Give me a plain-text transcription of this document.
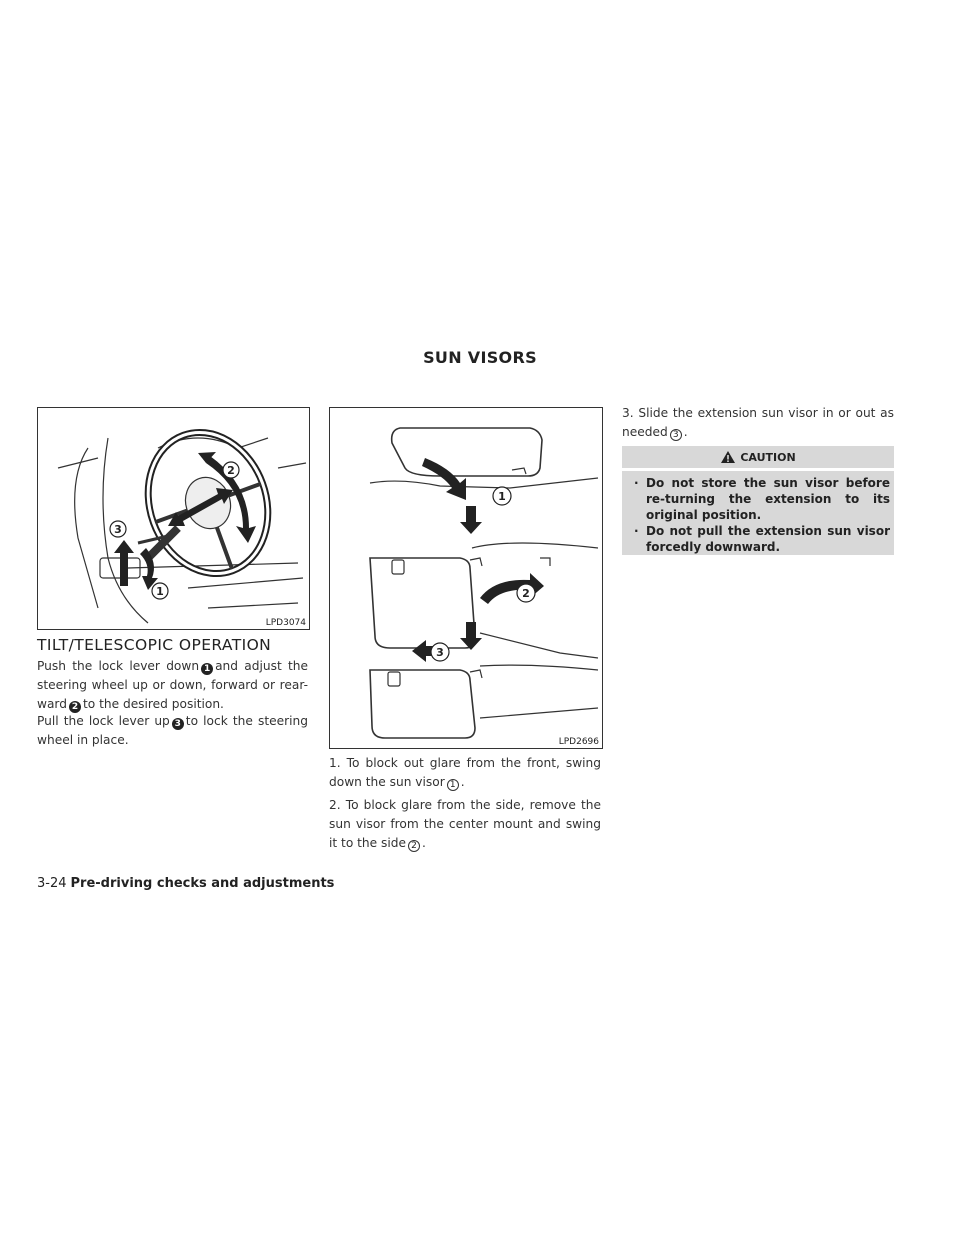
SUN VISORS
2
3
1
LPD3074
TILT/TELESCOPIC OPERATION
Push the lock lever down 1 and adjust the steering wheel up or down, forward or rear-ward 2 to the desired position.
Pull the lock lever up 3 to lock the steering wheel in place.
1
2
3
LPD2696
1. To block out glare from the front, swing down the sun visor 1 .
2. To block glare from the side, remove the sun visor from the center mount and swing it to the side 2 .
3. Slide the extension sun visor in or out as needed 3 .
CAUTION
· Do not store the sun visor before re-turning the extension to its original position.
· Do not pull the extension sun visor forcedly downward.
3-24 Pre-driving checks and adjustments
